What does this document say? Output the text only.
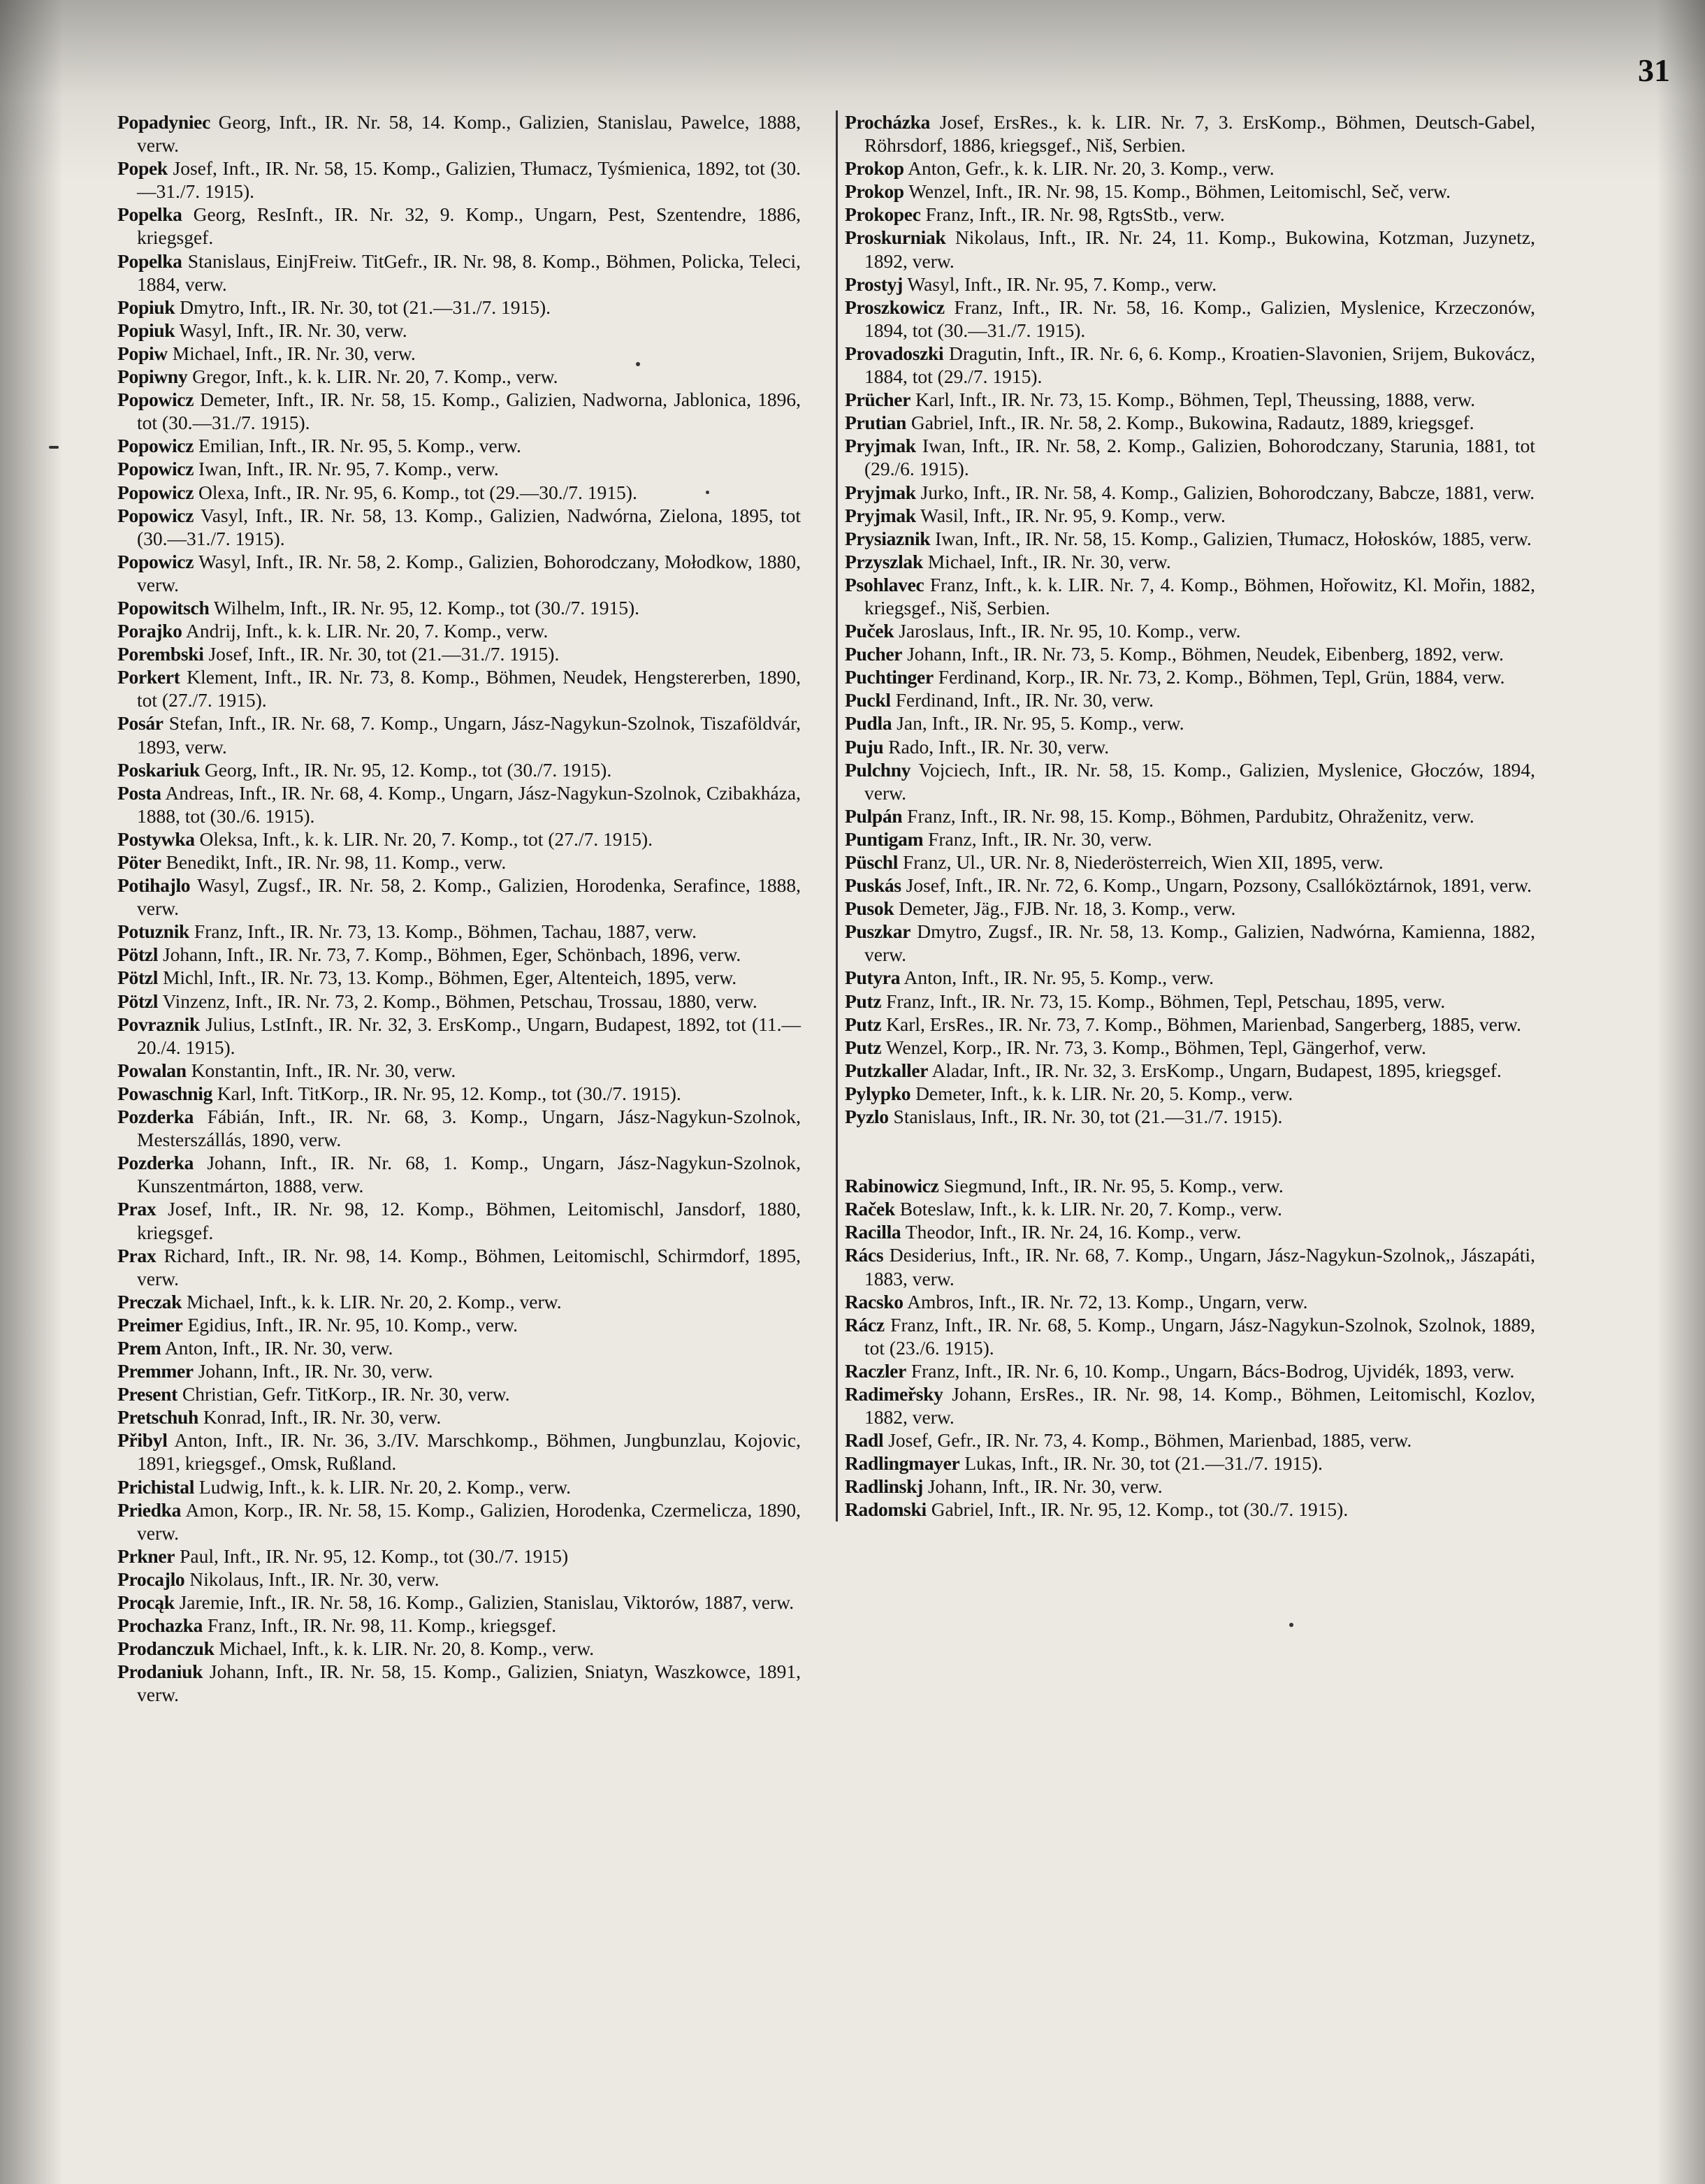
31
Popadyniec Georg, Inft., IR. Nr. 58, 14. Komp., Galizien, Stanislau, Pawelce, 1888, verw.
Popek Josef, Inft., IR. Nr. 58, 15. Komp., Galizien, Tłumacz, Tyśmienica, 1892, tot (30.—31./7. 1915).
Popelka Georg, ResInft., IR. Nr. 32, 9. Komp., Ungarn, Pest, Szentendre, 1886, kriegsgef.
Popelka Stanislaus, EinjFreiw. TitGefr., IR. Nr. 98, 8. Komp., Böhmen, Policka, Teleci, 1884, verw.
Popiuk Dmytro, Inft., IR. Nr. 30, tot (21.—31./7. 1915).
Popiuk Wasyl, Inft., IR. Nr. 30, verw.
Popiw Michael, Inft., IR. Nr. 30, verw.
Popiwny Gregor, Inft., k. k. LIR. Nr. 20, 7. Komp., verw.
Popowicz Demeter, Inft., IR. Nr. 58, 15. Komp., Galizien, Nadworna, Jablonica, 1896, tot (30.—31./7. 1915).
Popowicz Emilian, Inft., IR. Nr. 95, 5. Komp., verw.
Popowicz Iwan, Inft., IR. Nr. 95, 7. Komp., verw.
Popowicz Olexa, Inft., IR. Nr. 95, 6. Komp., tot (29.—30./7. 1915).
Popowicz Vasyl, Inft., IR. Nr. 58, 13. Komp., Galizien, Nadwórna, Zielona, 1895, tot (30.—31./7. 1915).
Popowicz Wasyl, Inft., IR. Nr. 58, 2. Komp., Galizien, Bohorodczany, Mołodkow, 1880, verw.
Popowitsch Wilhelm, Inft., IR. Nr. 95, 12. Komp., tot (30./7. 1915).
Porajko Andrij, Inft., k. k. LIR. Nr. 20, 7. Komp., verw.
Porembski Josef, Inft., IR. Nr. 30, tot (21.—31./7. 1915).
Porkert Klement, Inft., IR. Nr. 73, 8. Komp., Böhmen, Neudek, Hengstererben, 1890, tot (27./7. 1915).
Posár Stefan, Inft., IR. Nr. 68, 7. Komp., Ungarn, Jász-Nagykun-Szolnok, Tiszaföldvár, 1893, verw.
Poskariuk Georg, Inft., IR. Nr. 95, 12. Komp., tot (30./7. 1915).
Posta Andreas, Inft., IR. Nr. 68, 4. Komp., Ungarn, Jász-Nagykun-Szolnok, Czibakháza, 1888, tot (30./6. 1915).
Postywka Oleksa, Inft., k. k. LIR. Nr. 20, 7. Komp., tot (27./7. 1915).
Pöter Benedikt, Inft., IR. Nr. 98, 11. Komp., verw.
Potihajlo Wasyl, Zugsf., IR. Nr. 58, 2. Komp., Galizien, Horodenka, Serafince, 1888, verw.
Potuznik Franz, Inft., IR. Nr. 73, 13. Komp., Böhmen, Tachau, 1887, verw.
Pötzl Johann, Inft., IR. Nr. 73, 7. Komp., Böhmen, Eger, Schönbach, 1896, verw.
Pötzl Michl, Inft., IR. Nr. 73, 13. Komp., Böhmen, Eger, Altenteich, 1895, verw.
Pötzl Vinzenz, Inft., IR. Nr. 73, 2. Komp., Böhmen, Petschau, Trossau, 1880, verw.
Povraznik Julius, LstInft., IR. Nr. 32, 3. ErsKomp., Ungarn, Budapest, 1892, tot (11.—20./4. 1915).
Powalan Konstantin, Inft., IR. Nr. 30, verw.
Powaschnig Karl, Inft. TitKorp., IR. Nr. 95, 12. Komp., tot (30./7. 1915).
Pozderka Fábián, Inft., IR. Nr. 68, 3. Komp., Ungarn, Jász-Nagykun-Szolnok, Mesterszállás, 1890, verw.
Pozderka Johann, Inft., IR. Nr. 68, 1. Komp., Ungarn, Jász-Nagykun-Szolnok, Kunszentmárton, 1888, verw.
Prax Josef, Inft., IR. Nr. 98, 12. Komp., Böhmen, Leitomischl, Jansdorf, 1880, kriegsgef.
Prax Richard, Inft., IR. Nr. 98, 14. Komp., Böhmen, Leitomischl, Schirmdorf, 1895, verw.
Preczak Michael, Inft., k. k. LIR. Nr. 20, 2. Komp., verw.
Preimer Egidius, Inft., IR. Nr. 95, 10. Komp., verw.
Prem Anton, Inft., IR. Nr. 30, verw.
Premmer Johann, Inft., IR. Nr. 30, verw.
Present Christian, Gefr. TitKorp., IR. Nr. 30, verw.
Pretschuh Konrad, Inft., IR. Nr. 30, verw.
Přibyl Anton, Inft., IR. Nr. 36, 3./IV. Marschkomp., Böhmen, Jungbunzlau, Kojovic, 1891, kriegsgef., Omsk, Rußland.
Prichistal Ludwig, Inft., k. k. LIR. Nr. 20, 2. Komp., verw.
Priedka Amon, Korp., IR. Nr. 58, 15. Komp., Galizien, Horodenka, Czermelicza, 1890, verw.
Prkner Paul, Inft., IR. Nr. 95, 12. Komp., tot (30./7. 1915)
Procajlo Nikolaus, Inft., IR. Nr. 30, verw.
Procąk Jaremie, Inft., IR. Nr. 58, 16. Komp., Galizien, Stanislau, Viktorów, 1887, verw.
Prochazka Franz, Inft., IR. Nr. 98, 11. Komp., kriegsgef.
Prodanczuk Michael, Inft., k. k. LIR. Nr. 20, 8. Komp., verw.
Prodaniuk Johann, Inft., IR. Nr. 58, 15. Komp., Galizien, Sniatyn, Waszkowce, 1891, verw.
Procházka Josef, ErsRes., k. k. LIR. Nr. 7, 3. ErsKomp., Böhmen, Deutsch-Gabel, Röhrsdorf, 1886, kriegsgef., Niš, Serbien.
Prokop Anton, Gefr., k. k. LIR. Nr. 20, 3. Komp., verw.
Prokop Wenzel, Inft., IR. Nr. 98, 15. Komp., Böhmen, Leitomischl, Seč, verw.
Prokopec Franz, Inft., IR. Nr. 98, RgtsStb., verw.
Proskurniak Nikolaus, Inft., IR. Nr. 24, 11. Komp., Bukowina, Kotzman, Juzynetz, 1892, verw.
Prostyj Wasyl, Inft., IR. Nr. 95, 7. Komp., verw.
Proszkowicz Franz, Inft., IR. Nr. 58, 16. Komp., Galizien, Myslenice, Krzeczonów, 1894, tot (30.—31./7. 1915).
Provadoszki Dragutin, Inft., IR. Nr. 6, 6. Komp., Kroatien-Slavonien, Srijem, Bukovácz, 1884, tot (29./7. 1915).
Prücher Karl, Inft., IR. Nr. 73, 15. Komp., Böhmen, Tepl, Theussing, 1888, verw.
Prutian Gabriel, Inft., IR. Nr. 58, 2. Komp., Bukowina, Radautz, 1889, kriegsgef.
Pryjmak Iwan, Inft., IR. Nr. 58, 2. Komp., Galizien, Bohorodczany, Starunia, 1881, tot (29./6. 1915).
Pryjmak Jurko, Inft., IR. Nr. 58, 4. Komp., Galizien, Bohorodczany, Babcze, 1881, verw.
Pryjmak Wasil, Inft., IR. Nr. 95, 9. Komp., verw.
Prysiaznik Iwan, Inft., IR. Nr. 58, 15. Komp., Galizien, Tłumacz, Hołosków, 1885, verw.
Przyszlak Michael, Inft., IR. Nr. 30, verw.
Psohlavec Franz, Inft., k. k. LIR. Nr. 7, 4. Komp., Böhmen, Hořowitz, Kl. Mořin, 1882, kriegsgef., Niš, Serbien.
Puček Jaroslaus, Inft., IR. Nr. 95, 10. Komp., verw.
Pucher Johann, Inft., IR. Nr. 73, 5. Komp., Böhmen, Neudek, Eibenberg, 1892, verw.
Puchtinger Ferdinand, Korp., IR. Nr. 73, 2. Komp., Böhmen, Tepl, Grün, 1884, verw.
Puckl Ferdinand, Inft., IR. Nr. 30, verw.
Pudla Jan, Inft., IR. Nr. 95, 5. Komp., verw.
Puju Rado, Inft., IR. Nr. 30, verw.
Pulchny Vojciech, Inft., IR. Nr. 58, 15. Komp., Galizien, Myslenice, Głoczów, 1894, verw.
Pulpán Franz, Inft., IR. Nr. 98, 15. Komp., Böhmen, Pardubitz, Ohraženitz, verw.
Puntigam Franz, Inft., IR. Nr. 30, verw.
Püschl Franz, Ul., UR. Nr. 8, Niederösterreich, Wien XII, 1895, verw.
Puskás Josef, Inft., IR. Nr. 72, 6. Komp., Ungarn, Pozsony, Csallóköztárnok, 1891, verw.
Pusok Demeter, Jäg., FJB. Nr. 18, 3. Komp., verw.
Puszkar Dmytro, Zugsf., IR. Nr. 58, 13. Komp., Galizien, Nadwórna, Kamienna, 1882, verw.
Putyra Anton, Inft., IR. Nr. 95, 5. Komp., verw.
Putz Franz, Inft., IR. Nr. 73, 15. Komp., Böhmen, Tepl, Petschau, 1895, verw.
Putz Karl, ErsRes., IR. Nr. 73, 7. Komp., Böhmen, Marienbad, Sangerberg, 1885, verw.
Putz Wenzel, Korp., IR. Nr. 73, 3. Komp., Böhmen, Tepl, Gängerhof, verw.
Putzkaller Aladar, Inft., IR. Nr. 32, 3. ErsKomp., Ungarn, Budapest, 1895, kriegsgef.
Pylypko Demeter, Inft., k. k. LIR. Nr. 20, 5. Komp., verw.
Pyzlo Stanislaus, Inft., IR. Nr. 30, tot (21.—31./7. 1915).
Rabinowicz Siegmund, Inft., IR. Nr. 95, 5. Komp., verw.
Raček Boteslaw, Inft., k. k. LIR. Nr. 20, 7. Komp., verw.
Racilla Theodor, Inft., IR. Nr. 24, 16. Komp., verw.
Rács Desiderius, Inft., IR. Nr. 68, 7. Komp., Ungarn, Jász-Nagykun-Szolnok,, Jászapáti, 1883, verw.
Racsko Ambros, Inft., IR. Nr. 72, 13. Komp., Ungarn, verw.
Rácz Franz, Inft., IR. Nr. 68, 5. Komp., Ungarn, Jász-Nagykun-Szolnok, Szolnok, 1889, tot (23./6. 1915).
Raczler Franz, Inft., IR. Nr. 6, 10. Komp., Ungarn, Bács-Bodrog, Ujvidék, 1893, verw.
Radimeřsky Johann, ErsRes., IR. Nr. 98, 14. Komp., Böhmen, Leitomischl, Kozlov, 1882, verw.
Radl Josef, Gefr., IR. Nr. 73, 4. Komp., Böhmen, Marienbad, 1885, verw.
Radlingmayer Lukas, Inft., IR. Nr. 30, tot (21.—31./7. 1915).
Radlinskj Johann, Inft., IR. Nr. 30, verw.
Radomski Gabriel, Inft., IR. Nr. 95, 12. Komp., tot (30./7. 1915).
